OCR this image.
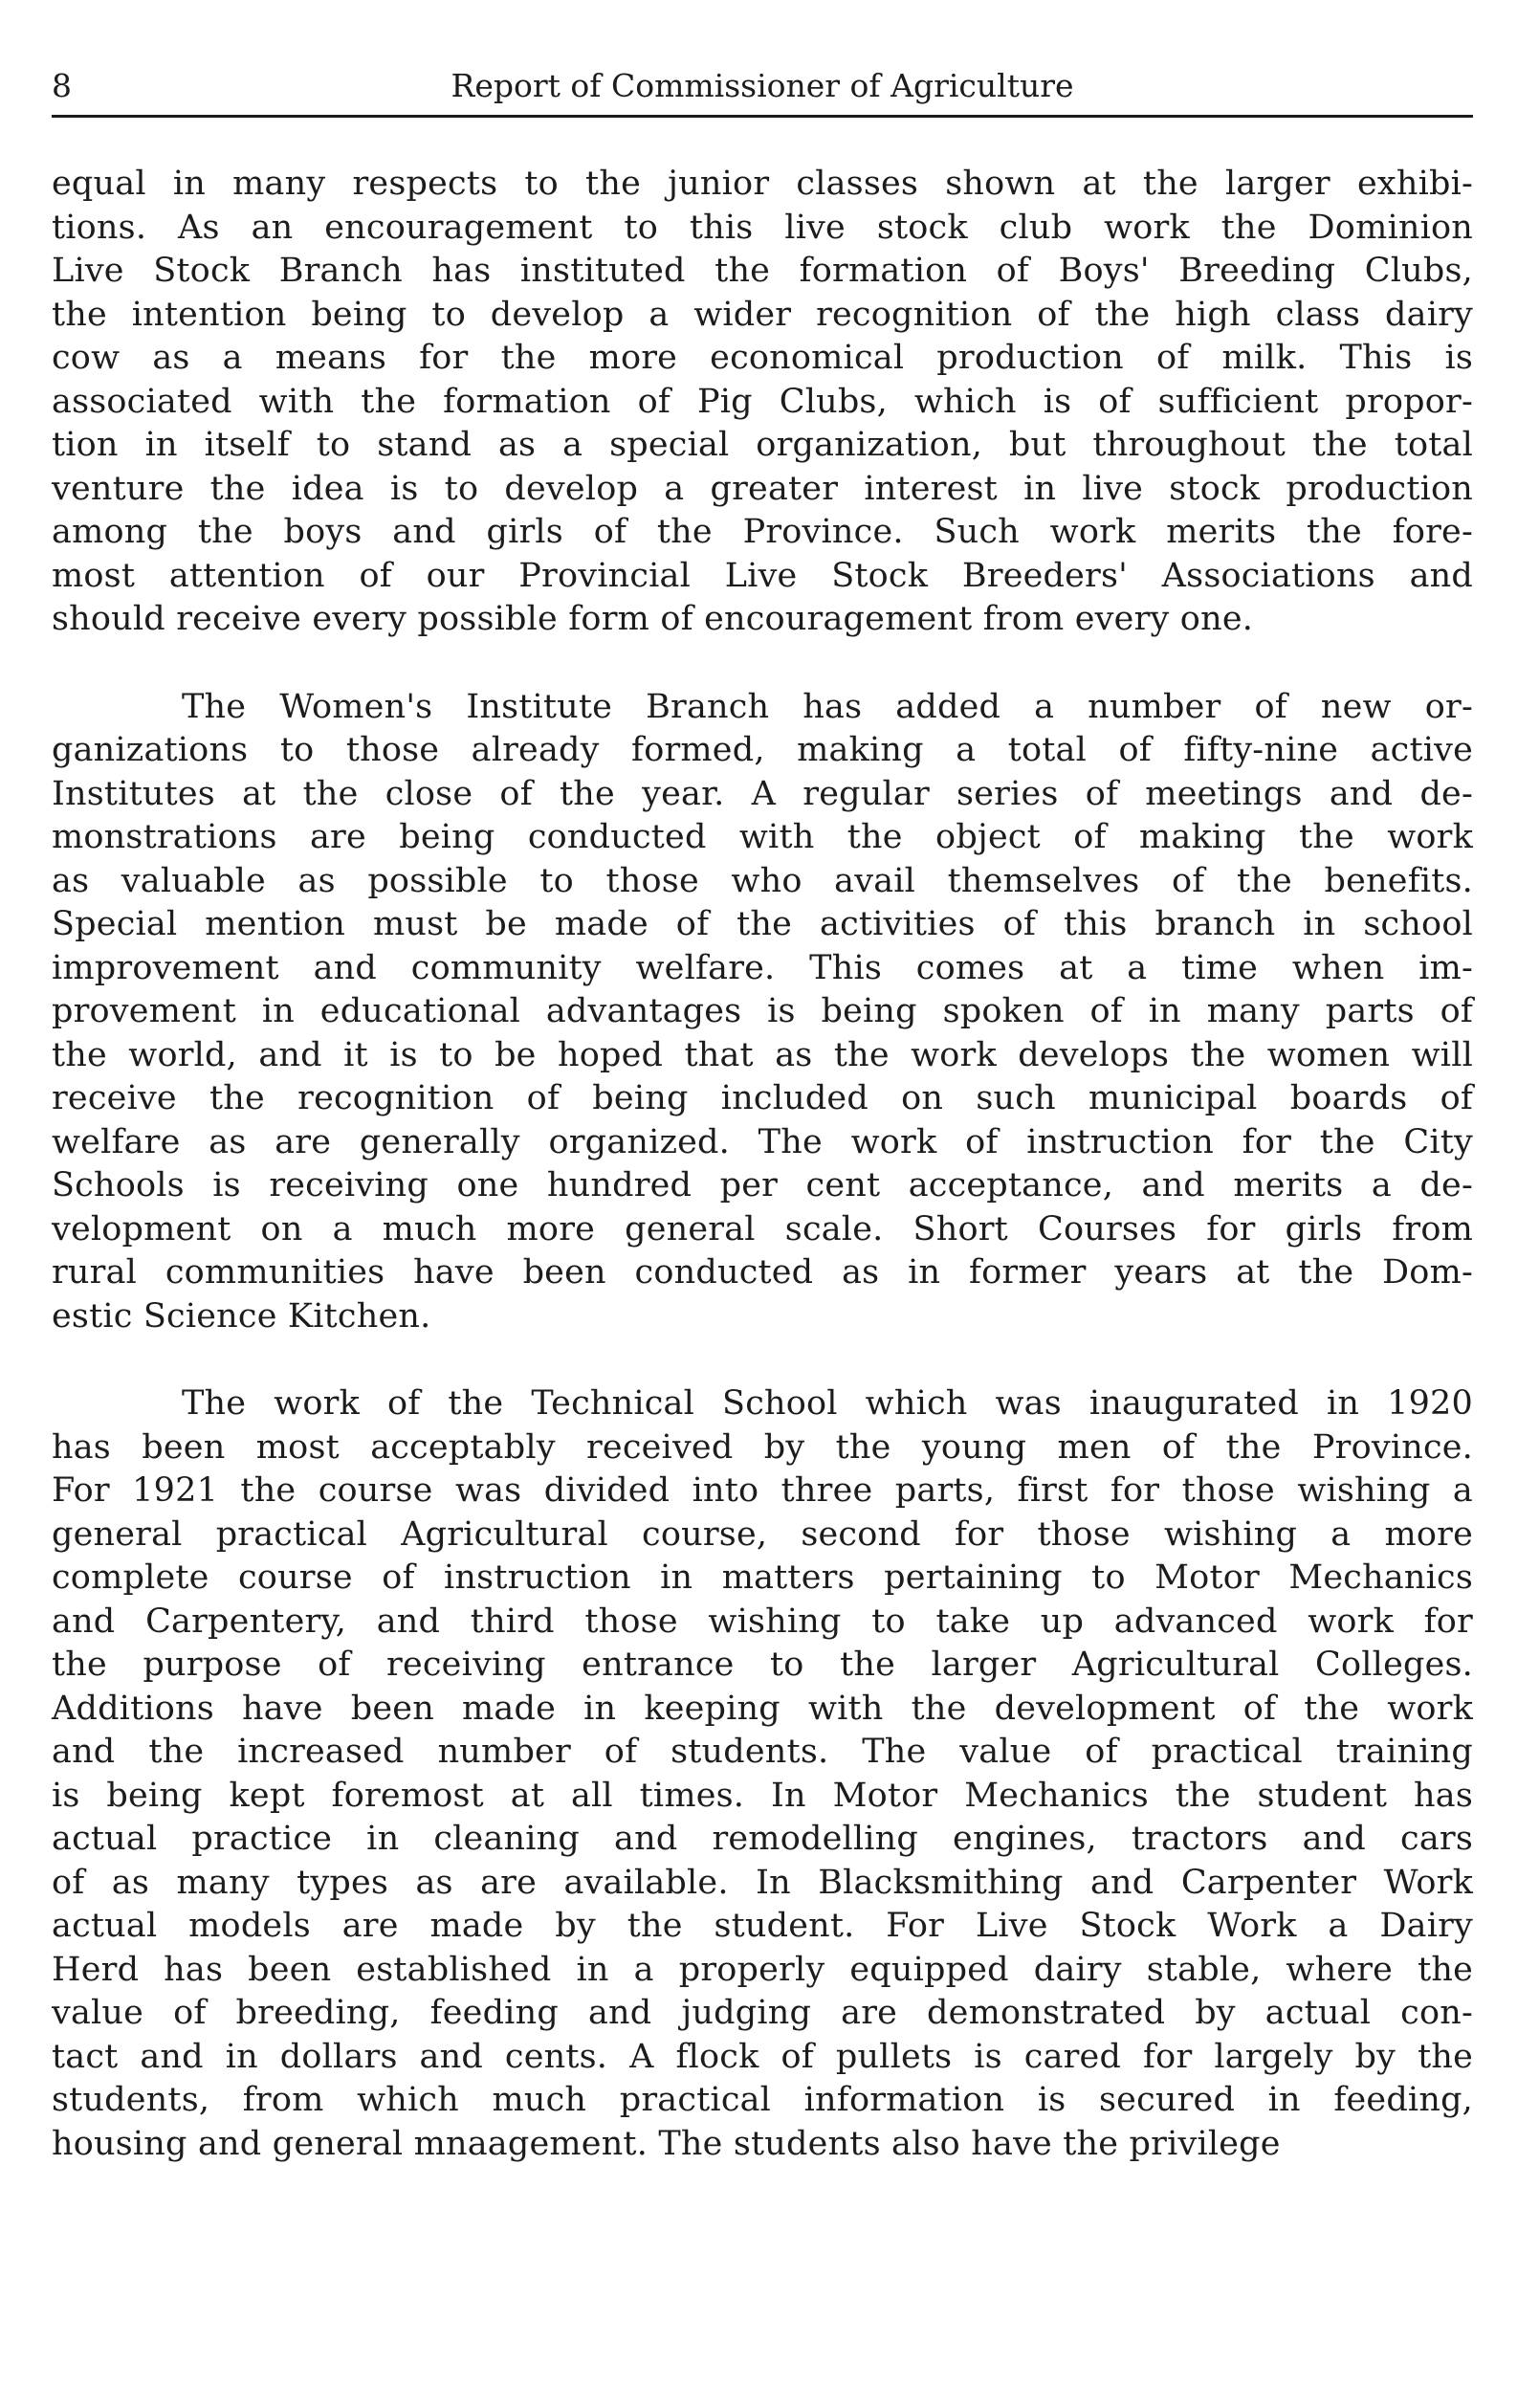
8	Report of Commissioner of Agriculture
equal in many respects to the junior classes shown at the larger exhibi-
tions. As an encouragement to this live stock club work the Dominion
Live Stock Branch has instituted the formation of Boys' Breeding Clubs,
the intention being to develop a wider recognition of the high class dairy
cow as a means for the more economical production of milk. This is
associated with the formation of Pig Clubs, which is of sufficient propor-
tion in itself to stand as a special organization, but throughout the total
venture the idea is to develop a greater interest in live stock production
among the boys and girls of the Province. Such work merits the fore-
most attention of our Provincial Live Stock Breeders' Associations and
should receive every possible form of encouragement from every one.
The Women's Institute Branch has added a number of new or-
ganizations to those already formed, making a total of fifty-nine active
Institutes at the close of the year. A regular series of meetings and de-
monstrations are being conducted with the object of making the work
as valuable as possible to those who avail themselves of the benefits.
Special mention must be made of the activities of this branch in school
improvement and community welfare. This comes at a time when im-
provement in educational advantages is being spoken of in many parts of
the world, and it is to be hoped that as the work develops the women will
receive the recognition of being included on such municipal boards of
welfare as are generally organized. The work of instruction for the City
Schools is receiving one hundred per cent acceptance, and merits a de-
velopment on a much more general scale. Short Courses for girls from
rural communities have been conducted as in former years at the Dom-
estic Science Kitchen.
The work of the Technical School which was inaugurated in 1920
has been most acceptably received by the young men of the Province.
For 1921 the course was divided into three parts, first for those wishing a
general practical Agricultural course, second for those wishing a more
complete course of instruction in matters pertaining to Motor Mechanics
and Carpentery, and third those wishing to take up advanced work for
the purpose of receiving entrance to the larger Agricultural Colleges.
Additions have been made in keeping with the development of the work
and the increased number of students. The value of practical training
is being kept foremost at all times. In Motor Mechanics the student has
actual practice in cleaning and remodelling engines, tractors and cars
of as many types as are available. In Blacksmithing and Carpenter Work
actual models are made by the student. For Live Stock Work a Dairy
Herd has been established in a properly equipped dairy stable, where the
value of breeding, feeding and judging are demonstrated by actual con-
tact and in dollars and cents. A flock of pullets is cared for largely by the
students, from which much practical information is secured in feeding,
housing and general mnaagement. The students also have the privilege
